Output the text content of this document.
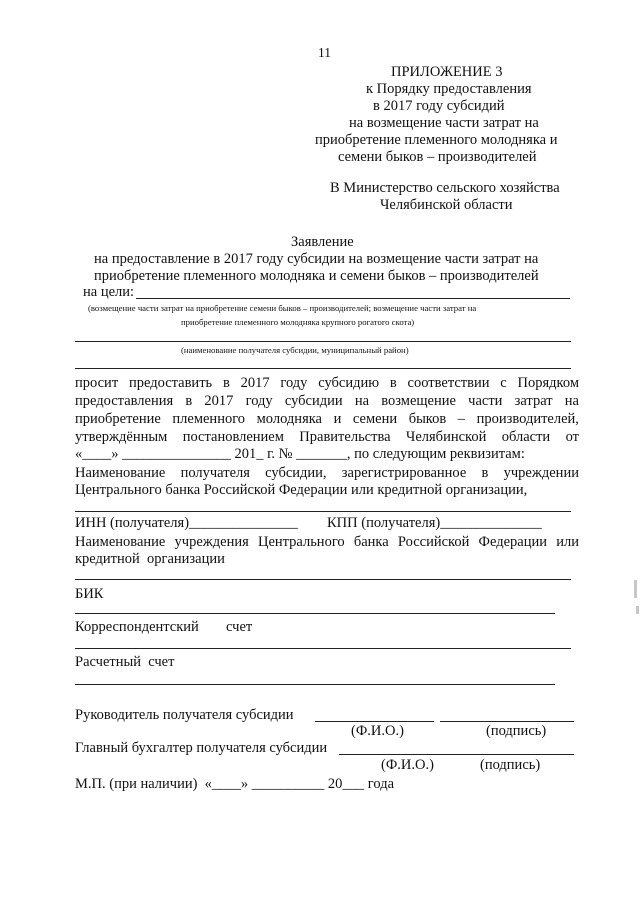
11
ПРИЛОЖЕНИЕ 3
к Порядку предоставления
в 2017 году субсидий
на возмещение части затрат на
приобретение племенного молодняка и
семени быков – производителей
В Министерство сельского хозяйства
Челябинской области
Заявление
на предоставление в 2017 году субсидии на возмещение части затрат на
приобретение племенного молодняка и семени быков – производителей
на цели:
(возмещение части затрат на приобретение семени быков – производителей; возмещение части затрат на
приобретение племенного молодняка крупного рогатого скота)
(наименование получателя субсидии, муниципальный район)
просит предоставить в 2017 году субсидию в соответствии с Порядком
предоставления в 2017 году субсидии на возмещение части затрат на
приобретение племенного молодняка и семени быков – производителей,
утверждённым постановлением Правительства Челябинской области от
«____» _______________ 201_ г. № _______, по следующим реквизитам:
Наименование получателя субсидии, зарегистрированное в учреждении
Центрального банка Российской Федерации или кредитной организации,
ИНН (получателя)_______________ КПП (получателя)______________
Наименование учреждения Центрального банка Российской Федерации или
кредитной  организации
БИК
Корреспондентский счет
Расчетный  счет
Руководитель получателя субсидии
(Ф.И.О.)	(подпись)
Главный бухгалтер получателя субсидии
(Ф.И.О.)	(подпись)
М.П. (при наличии)  «____» __________ 20___ года
